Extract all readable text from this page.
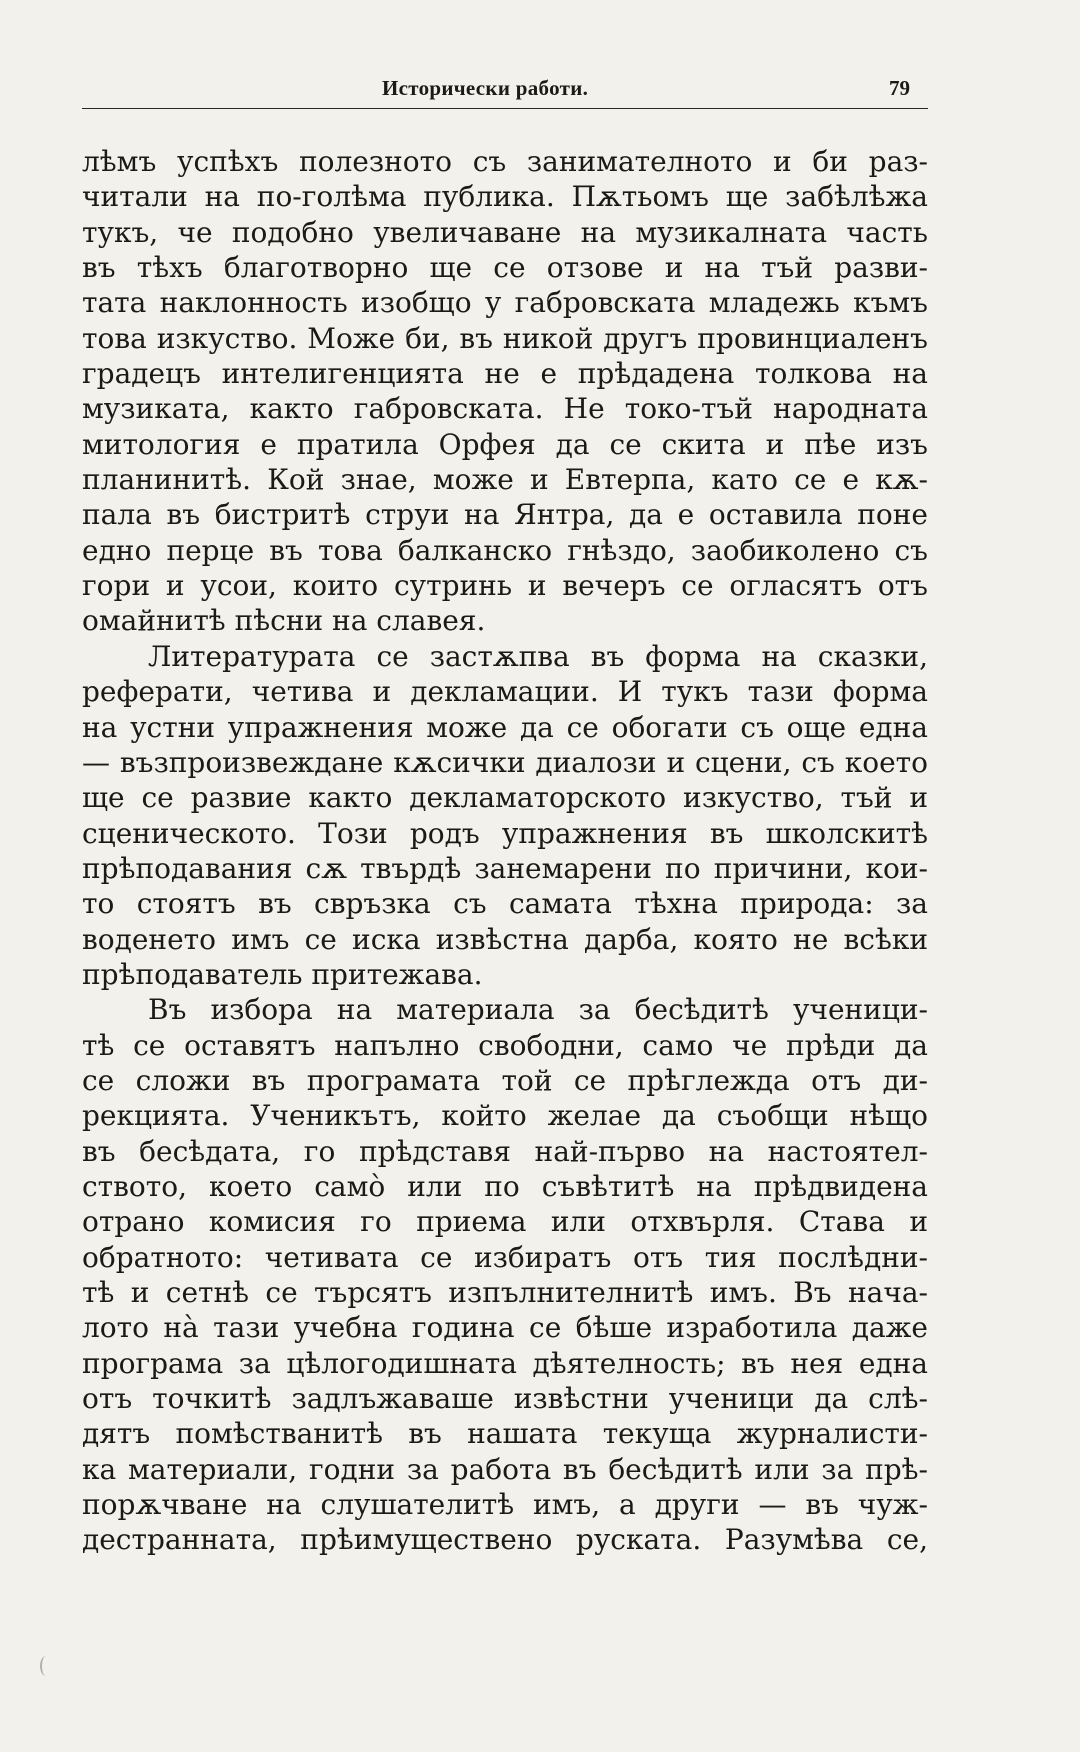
Исторически работи.	79
лѣмъ успѣхъ полезното съ занимателното и би раз-
читали на по-голѣма публика. Пѫтьомъ ще забѣлѣжа
тукъ, че подобно увеличаване на музикалната часть
въ тѣхъ благотворно ще се отзове и на тъй разви-
тата наклонность изобщо у габровската младежь къмъ
това изкуство. Може би, въ никой другъ провинциаленъ
градецъ интелигенцията не е прѣдадена толкова на
музиката, както габровската. Не токо-тъй народната
митология е пратила Орфея да се скита и пѣе изъ
планинитѣ. Кой знае, може и Евтерпа, като се е кѫ-
пала въ бистритѣ струи на Янтра, да е оставила поне
едно перце въ това балканско гнѣздо, заобиколено съ
гори и усои, които сутринь и вечеръ се огласятъ отъ
омайнитѣ пѣсни на славея.
Литературата се застѫпва въ форма на сказки,
реферати, четива и декламации. И тукъ тази форма
на устни упражнения може да се обогати съ още една
— възпроизвеждане кѫсички диалози и сцени, съ което
ще се развие както декламаторското изкуство, тъй и
сценическото. Този родъ упражнения въ школскитѣ
прѣподавания сѫ твърдѣ занемарени по причини, кои-
то стоятъ въ свръзка съ самата тѣхна природа: за
воденето имъ се иска извѣстна дарба, която не всѣки
прѣподаватель притежава.
Въ избора на материала за бесѣдитѣ ученици-
тѣ се оставятъ напълно свободни, само че прѣди да
се сложи въ програмата той се прѣглежда отъ ди-
рекцията. Ученикътъ, който желае да съобщи нѣщо
въ бесѣдата, го прѣдставя най-първо на настоятел-
ството, което само̀ или по съвѣтитѣ на прѣдвидена
отрано комисия го приема или отхвърля. Става и
обратното: четивата се избиратъ отъ тия послѣдни-
тѣ и сетнѣ се търсятъ изпълнителнитѣ имъ. Въ нача-
лото на̀ тази учебна година се бѣше изработила даже
програма за цѣлогодишната дѣятелность; въ нея една
отъ точкитѣ задлъжаваше извѣстни ученици да слѣ-
дятъ помѣстванитѣ въ нашата текуща журналисти-
ка материали, годни за работа въ бесѣдитѣ или за прѣ-
порѫчване на слушателитѣ имъ, а други — въ чуж-
дестранната, прѣимуществено руската. Разумѣва се,
